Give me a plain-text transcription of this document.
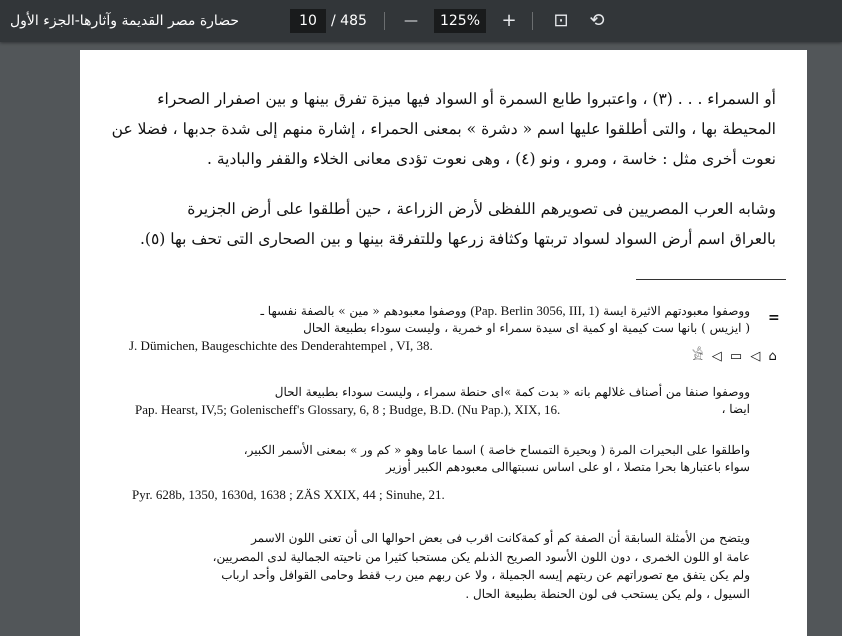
حضارة مصر القديمة وآثارها-الجزء الأول	10	/ 485	—	125%	+ ⊡ ⟲
أو السمراء . . . (٣) ، واعتبروا طابع السمرة أو السواد فيها ميزة تفرق بينها و بين اصفرار الصحراء
المحيطة بها ، والتى أطلقوا عليها اسم « دشرة » بمعنى الحمراء ، إشارة منهم إلى شدة جدبها ، فضلا عن
نعوت أخرى مثل : خاسة ، ومرو ، ونو (٤) ، وهى نعوت تؤدى معانى الخلاء والقفر والبادية .
وشابه العرب المصريين فى تصويرهم اللفظى لأرض الزراعة ، حين أطلقوا على أرض الجزيرة
بالعراق اسم أرض السواد لسواد تربتها وكثافة زرعها وللتفرقة بينها و بين الصحارى التى تحف بها (٥).
=
ووصفوا معبودتهم الاثيرة ايسة (Pap. Berlin 3056, III, 1) ووصفوا معبودهم « مين » بالصفة نفسها ـ
( ايزيس ) بانها ست كيمية او كمية اى سيدة سمراء او خمرية ، وليست سوداء بطبيعة الحال
J. Dümichen, Baugeschichte des Denderahtempel , VI, 38.
𓀀 ◁ ▭ ◁ ⌂
ووصفوا صنفا من أصناف غلالهم بانه « بدت كمة »اى حنطة سمراء ، وليست سوداء بطبيعة الحال
Pap. Hearst, IV,5; Golenischeff's Glossary, 6, 8 ; Budge, B.D. (Nu Pap.), XIX, 16.	ايضا ،
واطلقوا على البحيرات المرة ( وبحيرة التمساح خاصة ) اسما عاما وهو « كم ور » بمعنى الأسمر الكبير،
سواء باعتبارها بحرا متصلا ، او على اساس نسبتهاالى معبودهم الكبير أوزير
Pyr. 628b, 1350, 1630d, 1638 ; ZÄS XXIX, 44 ; Sinuhe, 21.
ويتضح من الأمثلة السابقة أن الصفة كم أو كمةكانت اقرب فى بعض احوالها الى أن تعنى اللون الاسمر
عامة او اللون الخمرى ، دون اللون الأسود الصريح الذىلم يكن مستحبا كثيرا من ناحيته الجمالية لدى المصريين،
ولم يكن يتفق مع تصوراتهم عن ربتهم إيسه الجميلة ، ولا عن ربهم مين رب قفط وحامى القوافل وأحد ارباب
السيول ، ولم يكن يستحب فى لون الحنطة بطبيعة الحال .
